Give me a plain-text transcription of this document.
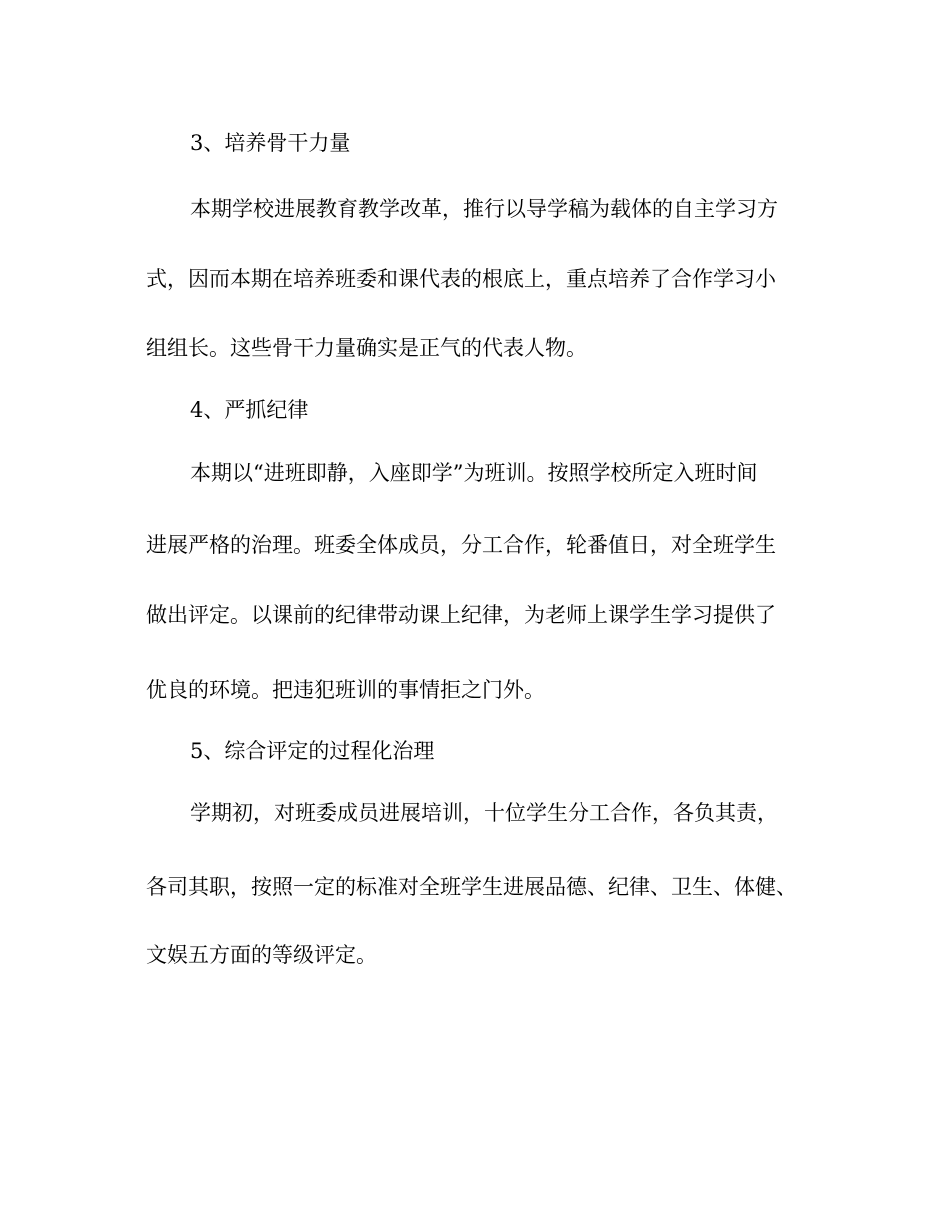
3、培养骨干力量
本期学校进展教育教学改革，推行以导学稿为载体的自主学习方
式，因而本期在培养班委和课代表的根底上，重点培养了合作学习小
组组长。这些骨干力量确实是正气的代表人物。
4、严抓纪律
本期以“进班即静，入座即学”为班训。按照学校所定入班时间
进展严格的治理。班委全体成员，分工合作，轮番值日，对全班学生
做出评定。以课前的纪律带动课上纪律，为老师上课学生学习提供了
优良的环境。把违犯班训的事情拒之门外。
5、综合评定的过程化治理
学期初，对班委成员进展培训，十位学生分工合作，各负其责，
各司其职，按照一定的标准对全班学生进展品德、纪律、卫生、体健、
文娱五方面的等级评定。
